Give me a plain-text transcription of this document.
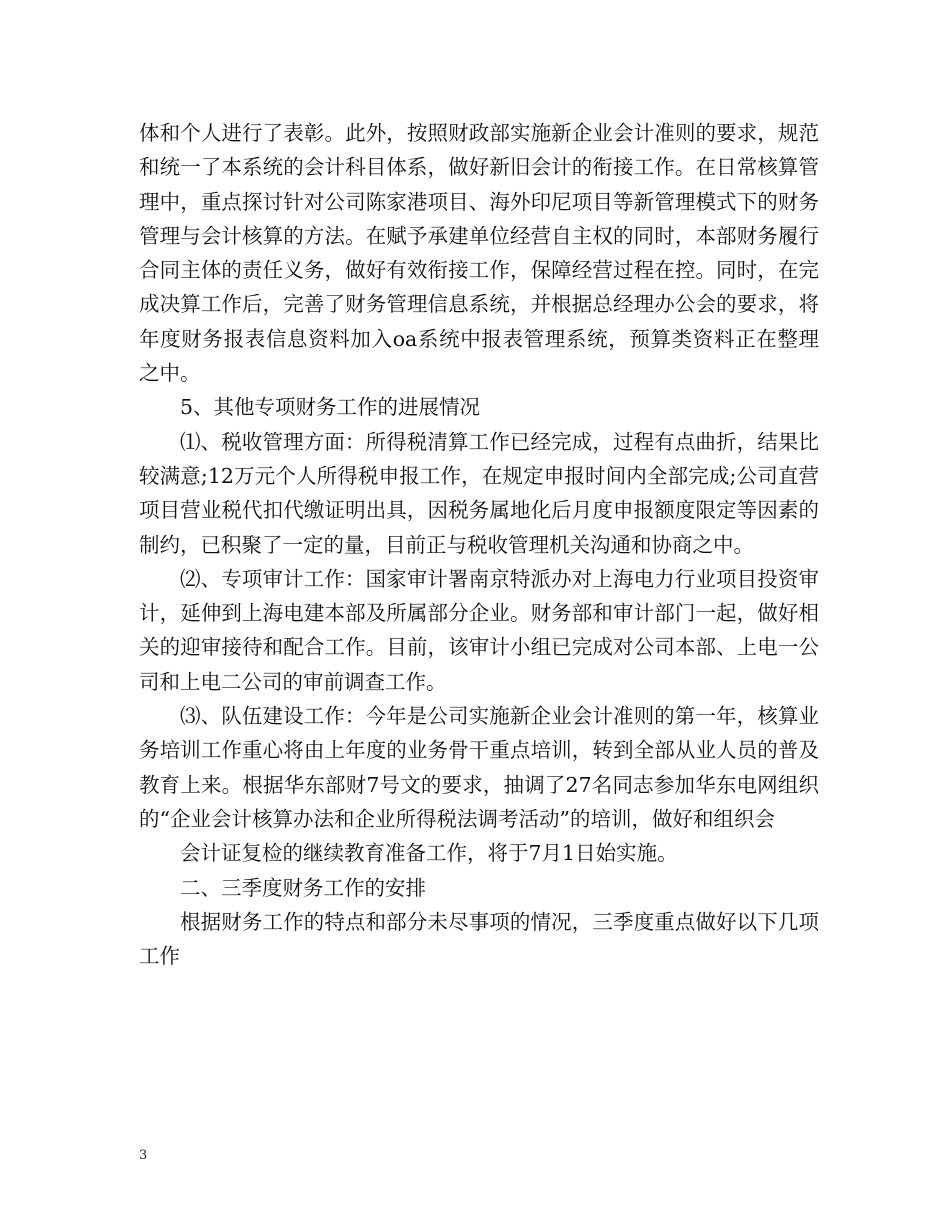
体和个人进行了表彰。此外，按照财政部实施新企业会计准则的要求，规范和统一了本系统的会计科目体系，做好新旧会计的衔接工作。在日常核算管理中，重点探讨针对公司陈家港项目、海外印尼项目等新管理模式下的财务管理与会计核算的方法。在赋予承建单位经营自主权的同时，本部财务履行合同主体的责任义务，做好有效衔接工作，保障经营过程在控。同时，在完成决算工作后，完善了财务管理信息系统，并根据总经理办公会的要求，将年度财务报表信息资料加入oa系统中报表管理系统，预算类资料正在整理之中。

5、其他专项财务工作的进展情况

⑴、税收管理方面：所得税清算工作已经完成，过程有点曲折，结果比较满意;12万元个人所得税申报工作，在规定申报时间内全部完成;公司直营项目营业税代扣代缴证明出具，因税务属地化后月度申报额度限定等因素的制约，已积聚了一定的量，目前正与税收管理机关沟通和协商之中。

⑵、专项审计工作：国家审计署南京特派办对上海电力行业项目投资审计，延伸到上海电建本部及所属部分企业。财务部和审计部门一起，做好相关的迎审接待和配合工作。目前，该审计小组已完成对公司本部、上电一公司和上电二公司的审前调查工作。

⑶、队伍建设工作：今年是公司实施新企业会计准则的第一年，核算业务培训工作重心将由上年度的业务骨干重点培训，转到全部从业人员的普及教育上来。根据华东部财7号文的要求，抽调了27名同志参加华东电网组织的“企业会计核算办法和企业所得税法调考活动”的培训，做好和组织会

会计证复检的继续教育准备工作，将于7月1日始实施。

二、三季度财务工作的安排

根据财务工作的特点和部分未尽事项的情况，三季度重点做好以下几项工作

3
